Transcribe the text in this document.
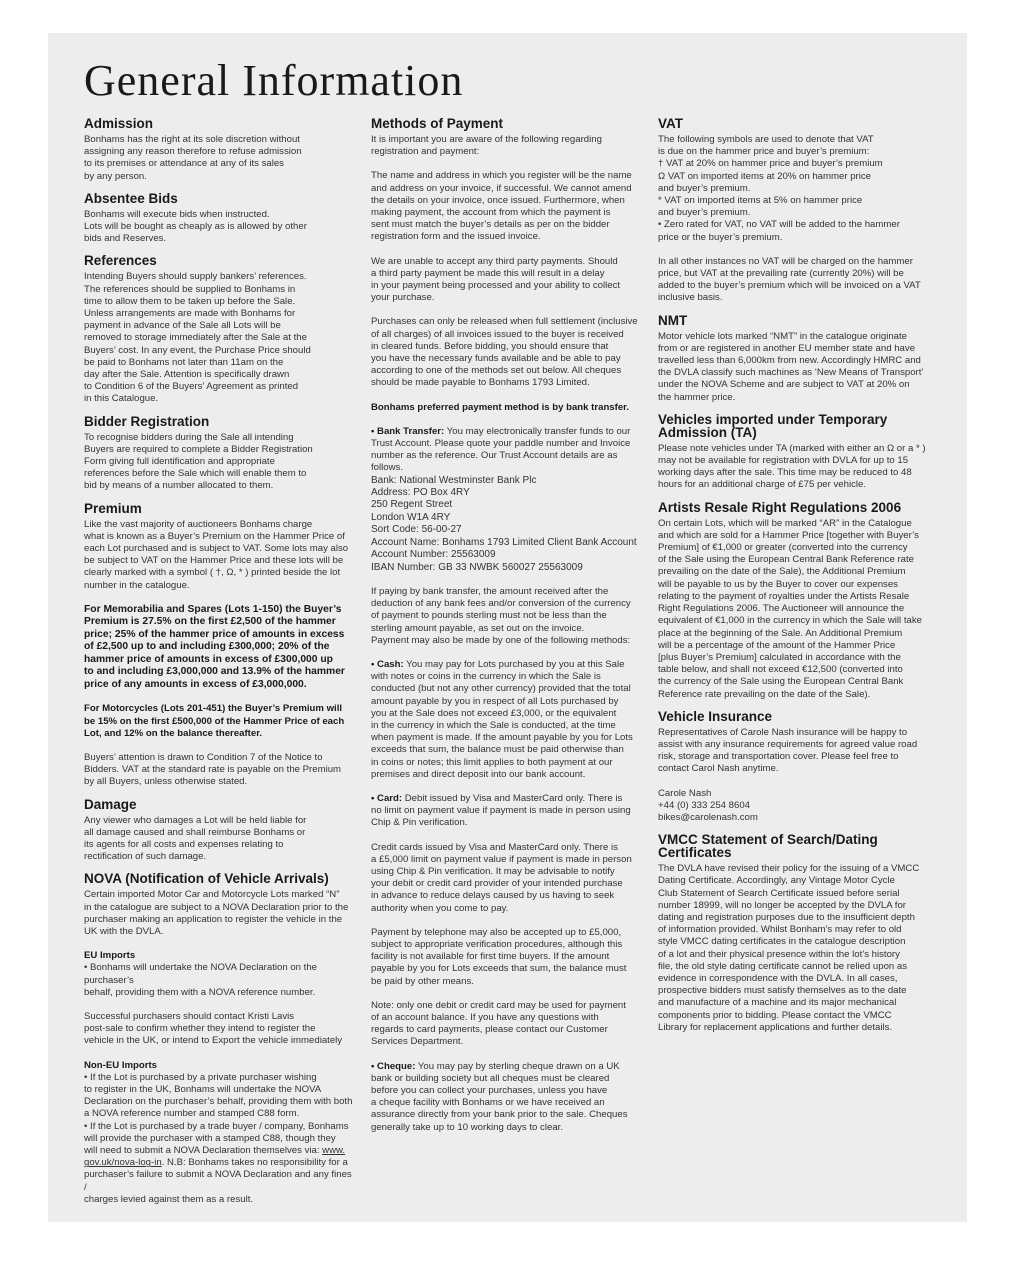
General Information
Admission

Bonhams has the right at its sole discretion without
assigning any reason therefore to refuse admission
to its premises or attendance at any of its sales
by any person.

Absentee Bids

Bonhams will execute bids when instructed.
Lots will be bought as cheaply as is allowed by other
bids and Reserves.

References

Intending Buyers should supply bankers’ references.
The references should be supplied to Bonhams in
time to allow them to be taken up before the Sale.
Unless arrangements are made with Bonhams for
payment in advance of the Sale all Lots will be
removed to storage immediately after the Sale at the
Buyers’ cost. In any event, the Purchase Price should
be paid to Bonhams not later than 11am on the
day after the Sale. Attention is specifically drawn
to Condition 6 of the Buyers’ Agreement as printed
in this Catalogue.

Bidder Registration

To recognise bidders during the Sale all intending
Buyers are required to complete a Bidder Registration
Form giving full identification and appropriate
references before the Sale which will enable them to
bid by means of a number allocated to them.

Premium

Like the vast majority of auctioneers Bonhams charge
what is known as a Buyer’s Premium on the Hammer Price of
each Lot purchased and is subject to VAT. Some lots may also
be subject to VAT on the Hammer Price and these lots will be
clearly marked with a symbol ( †, Ω, * ) printed beside the lot
number in the catalogue.

For Memorabilia and Spares (Lots 1-150) the Buyer’s
Premium is 27.5% on the first £2,500 of the hammer
price; 25% of the hammer price of amounts in excess
of £2,500 up to and including £300,000; 20% of the
hammer price of amounts in excess of £300,000 up
to and including £3,000,000 and 13.9% of the hammer
price of any amounts in excess of £3,000,000.

For Motorcycles (Lots 201-451) the Buyer’s Premium will
be 15% on the first £500,000 of the Hammer Price of each
Lot, and 12% on the balance thereafter.

Buyers’ attention is drawn to Condition 7 of the Notice to
Bidders. VAT at the standard rate is payable on the Premium
by all Buyers, unless otherwise stated.

Damage

Any viewer who damages a Lot will be held liable for
all damage caused and shall reimburse Bonhams or
its agents for all costs and expenses relating to
rectification of such damage.

NOVA (Notification of Vehicle Arrivals)

Certain imported Motor Car and Motorcycle Lots marked “N”
in the catalogue are subject to a NOVA Declaration prior to the
purchaser making an application to register the vehicle in the
UK with the DVLA.

EU Imports

• Bonhams will undertake the NOVA Declaration on the purchaser’s
behalf, providing them with a NOVA reference number.

Successful purchasers should contact Kristi Lavis
post-sale to confirm whether they intend to register the
vehicle in the UK, or intend to Export the vehicle immediately

Non-EU Imports

• If the Lot is purchased by a private purchaser wishing
to register in the UK, Bonhams will undertake the NOVA
Declaration on the purchaser’s behalf, providing them with both
a NOVA reference number and stamped C88 form.
• If the Lot is purchased by a trade buyer / company, Bonhams
will provide the purchaser with a stamped C88, though they

will need to submit a NOVA Declaration themselves via: www.
gov.uk/nova-log-in. N.B: Bonhams takes no responsibility for a

purchaser’s failure to submit a NOVA Declaration and any fines /
charges levied against them as a result.

Methods of Payment

It is important you are aware of the following regarding
registration and payment:

The name and address in which you register will be the name
and address on your invoice, if successful. We cannot amend
the details on your invoice, once issued. Furthermore, when
making payment, the account from which the payment is
sent must match the buyer’s details as per on the bidder
registration form and the issued invoice.

We are unable to accept any third party payments. Should
a third party payment be made this will result in a delay
in your payment being processed and your ability to collect
your purchase.

Purchases can only be released when full settlement (inclusive
of all charges) of all invoices issued to the buyer is received
in cleared funds. Before bidding, you should ensure that
you have the necessary funds available and be able to pay
according to one of the methods set out below. All cheques
should be made payable to Bonhams 1793 Limited.

Bonhams preferred payment method is by bank transfer.

• Bank Transfer: You may electronically transfer funds to our

Trust Account. Please quote your paddle number and Invoice
number as the reference. Our Trust Account details are as follows.

Bank: National Westminster Bank Plc
Address: PO Box 4RY
250 Regent Street
London W1A 4RY
Sort Code: 56-00-27
Account Name: Bonhams 1793 Limited Client Bank Account
Account Number: 25563009
IBAN Number: GB 33 NWBK 560027 25563009

If paying by bank transfer, the amount received after the
deduction of any bank fees and/or conversion of the currency
of payment to pounds sterling must not be less than the
sterling amount payable, as set out on the invoice.
Payment may also be made by one of the following methods:

• Cash: You may pay for Lots purchased by you at this Sale

with notes or coins in the currency in which the Sale is
conducted (but not any other currency) provided that the total
amount payable by you in respect of all Lots purchased by
you at the Sale does not exceed £3,000, or the equivalent
in the currency in which the Sale is conducted, at the time
when payment is made. If the amount payable by you for Lots
exceeds that sum, the balance must be paid otherwise than
in coins or notes; this limit applies to both payment at our
premises and direct deposit into our bank account.

• Card: Debit issued by Visa and MasterCard only. There is

no limit on payment value if payment is made in person using
Chip & Pin verification.

Credit cards issued by Visa and MasterCard only. There is
a £5,000 limit on payment value if payment is made in person
using Chip & Pin verification. It may be advisable to notify
your debit or credit card provider of your intended purchase
in advance to reduce delays caused by us having to seek
authority when you come to pay.

Payment by telephone may also be accepted up to £5,000,
subject to appropriate verification procedures, although this
facility is not available for first time buyers. If the amount
payable by you for Lots exceeds that sum, the balance must
be paid by other means.

Note: only one debit or credit card may be used for payment
of an account balance. If you have any questions with
regards to card payments, please contact our Customer
Services Department.

• Cheque: You may pay by sterling cheque drawn on a UK

bank or building society but all cheques must be cleared
before you can collect your purchases, unless you have
a cheque facility with Bonhams or we have received an
assurance directly from your bank prior to the sale. Cheques
generally take up to 10 working days to clear.

VAT

The following symbols are used to denote that VAT
is due on the hammer price and buyer’s premium:
† VAT at 20% on hammer price and buyer’s premium
Ω VAT on imported items at 20% on hammer price
and buyer’s premium.
* VAT on imported items at 5% on hammer price
and buyer’s premium.
• Zero rated for VAT, no VAT will be added to the hammer
price or the buyer’s premium.

In all other instances no VAT will be charged on the hammer
price, but VAT at the prevailing rate (currently 20%) will be
added to the buyer’s premium which will be invoiced on a VAT
inclusive basis.

NMT

Motor vehicle lots marked “NMT” in the catalogue originate
from or are registered in another EU member state and have
travelled less than 6,000km from new. Accordingly HMRC and
the DVLA classify such machines as ‘New Means of Transport’
under the NOVA Scheme and are subject to VAT at 20% on
the hammer price.

Vehicles imported under Temporary
Admission (TA)

Please note vehicles under TA (marked with either an Ω or a * )
may not be available for registration with DVLA for up to 15
working days after the sale. This time may be reduced to 48
hours for an additional charge of £75 per vehicle.

Artists Resale Right Regulations 2006

On certain Lots, which will be marked “AR” in the Catalogue
and which are sold for a Hammer Price [together with Buyer’s
Premium] of €1,000 or greater (converted into the currency
of the Sale using the European Central Bank Reference rate
prevailing on the date of the Sale), the Additional Premium
will be payable to us by the Buyer to cover our expenses
relating to the payment of royalties under the Artists Resale
Right Regulations 2006. The Auctioneer will announce the
equivalent of €1,000 in the currency in which the Sale will take
place at the beginning of the Sale. An Additional Premium
will be a percentage of the amount of the Hammer Price
[plus Buyer’s Premium] calculated in accordance with the
table below, and shall not exceed €12,500 (converted into
the currency of the Sale using the European Central Bank
Reference rate prevailing on the date of the Sale).

Vehicle Insurance

Representatives of Carole Nash insurance will be happy to
assist with any insurance requirements for agreed value road
risk, storage and transportation cover. Please feel free to
contact Carol Nash anytime.

Carole Nash
+44 (0) 333 254 8604
bikes@carolenash.com

VMCC Statement of Search/Dating
Certificates

The DVLA have revised their policy for the issuing of a VMCC
Dating Certificate. Accordingly, any Vintage Motor Cycle
Club Statement of Search Certificate issued before serial
number 18999, will no longer be accepted by the DVLA for
dating and registration purposes due to the insufficient depth
of information provided. Whilst Bonham’s may refer to old
style VMCC dating certificates in the catalogue description
of a lot and their physical presence within the lot’s history
file, the old style dating certificate cannot be relied upon as
evidence in correspondence with the DVLA. In all cases,
prospective bidders must satisfy themselves as to the date
and manufacture of a machine and its major mechanical
components prior to bidding. Please contact the VMCC
Library for replacement applications and further details.
